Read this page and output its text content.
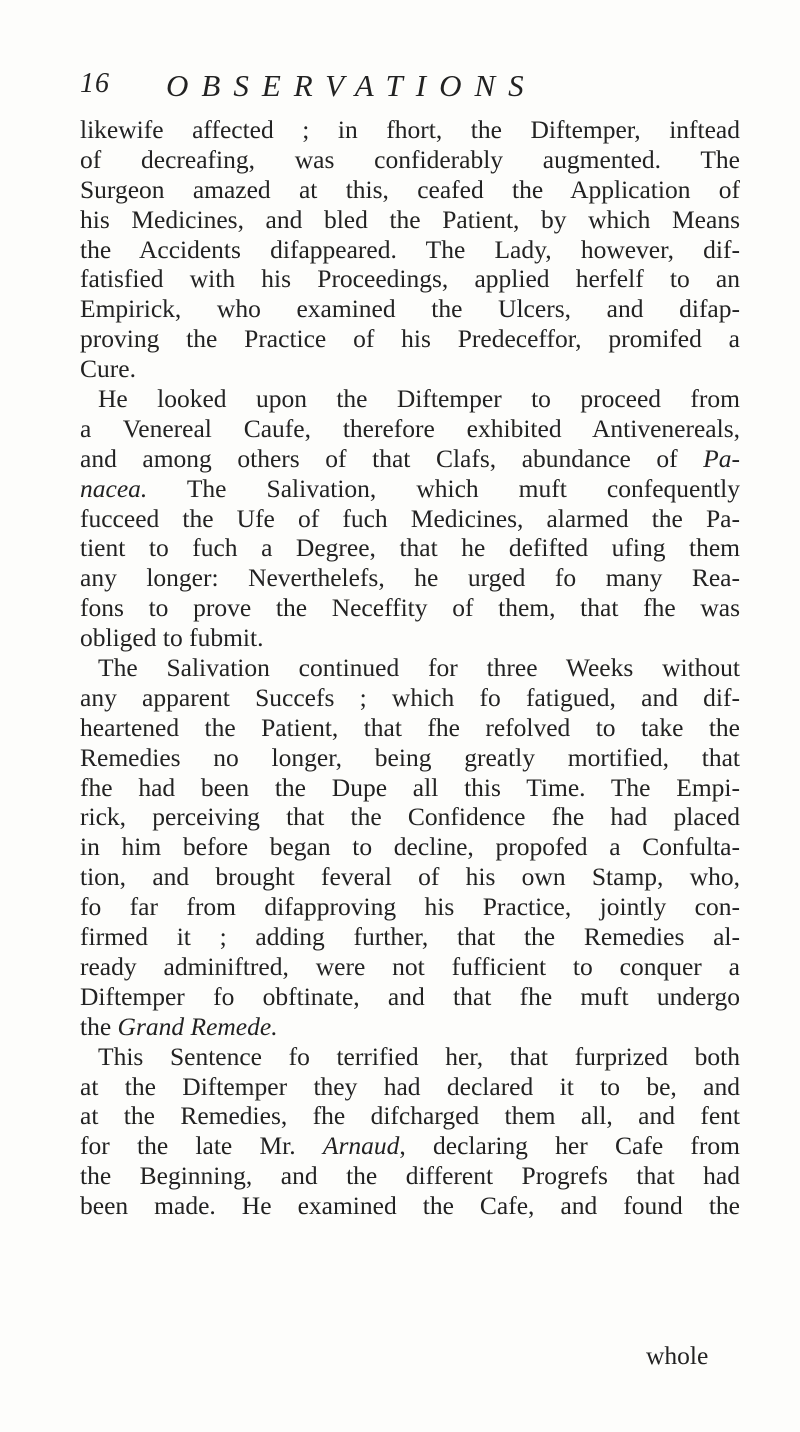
16 OBSERVATIONS
likewife affected ; in fhort, the Diftemper, inftead
of decreafing, was confiderably augmented. The
Surgeon amazed at this, ceafed the Application of
his Medicines, and bled the Patient, by which Means
the Accidents difappeared. The Lady, however, dif-
fatisfied with his Proceedings, applied herfelf to an
Empirick, who examined the Ulcers, and difap-
proving the Practice of his Predeceffor, promifed a
Cure.
He looked upon the Diftemper to proceed from
a Venereal Caufe, therefore exhibited Antivenereals,
and among others of that Clafs, abundance of Pa-
nacea. The Salivation, which muft confequently
fucceed the Ufe of fuch Medicines, alarmed the Pa-
tient to fuch a Degree, that he defifted ufing them
any longer: Neverthelefs, he urged fo many Rea-
fons to prove the Neceffity of them, that fhe was
obliged to fubmit.
The Salivation continued for three Weeks without
any apparent Succefs ; which fo fatigued, and dif-
heartened the Patient, that fhe refolved to take the
Remedies no longer, being greatly mortified, that
fhe had been the Dupe all this Time. The Empi-
rick, perceiving that the Confidence fhe had placed
in him before began to decline, propofed a Confulta-
tion, and brought feveral of his own Stamp, who,
fo far from difapproving his Practice, jointly con-
firmed it ; adding further, that the Remedies al-
ready adminiftred, were not fufficient to conquer a
Diftemper fo obftinate, and that fhe muft undergo
the Grand Remede.
This Sentence fo terrified her, that furprized both
at the Diftemper they had declared it to be, and
at the Remedies, fhe difcharged them all, and fent
for the late Mr. Arnaud, declaring her Cafe from
the Beginning, and the different Progrefs that had
been made. He examined the Cafe, and found the
whole
